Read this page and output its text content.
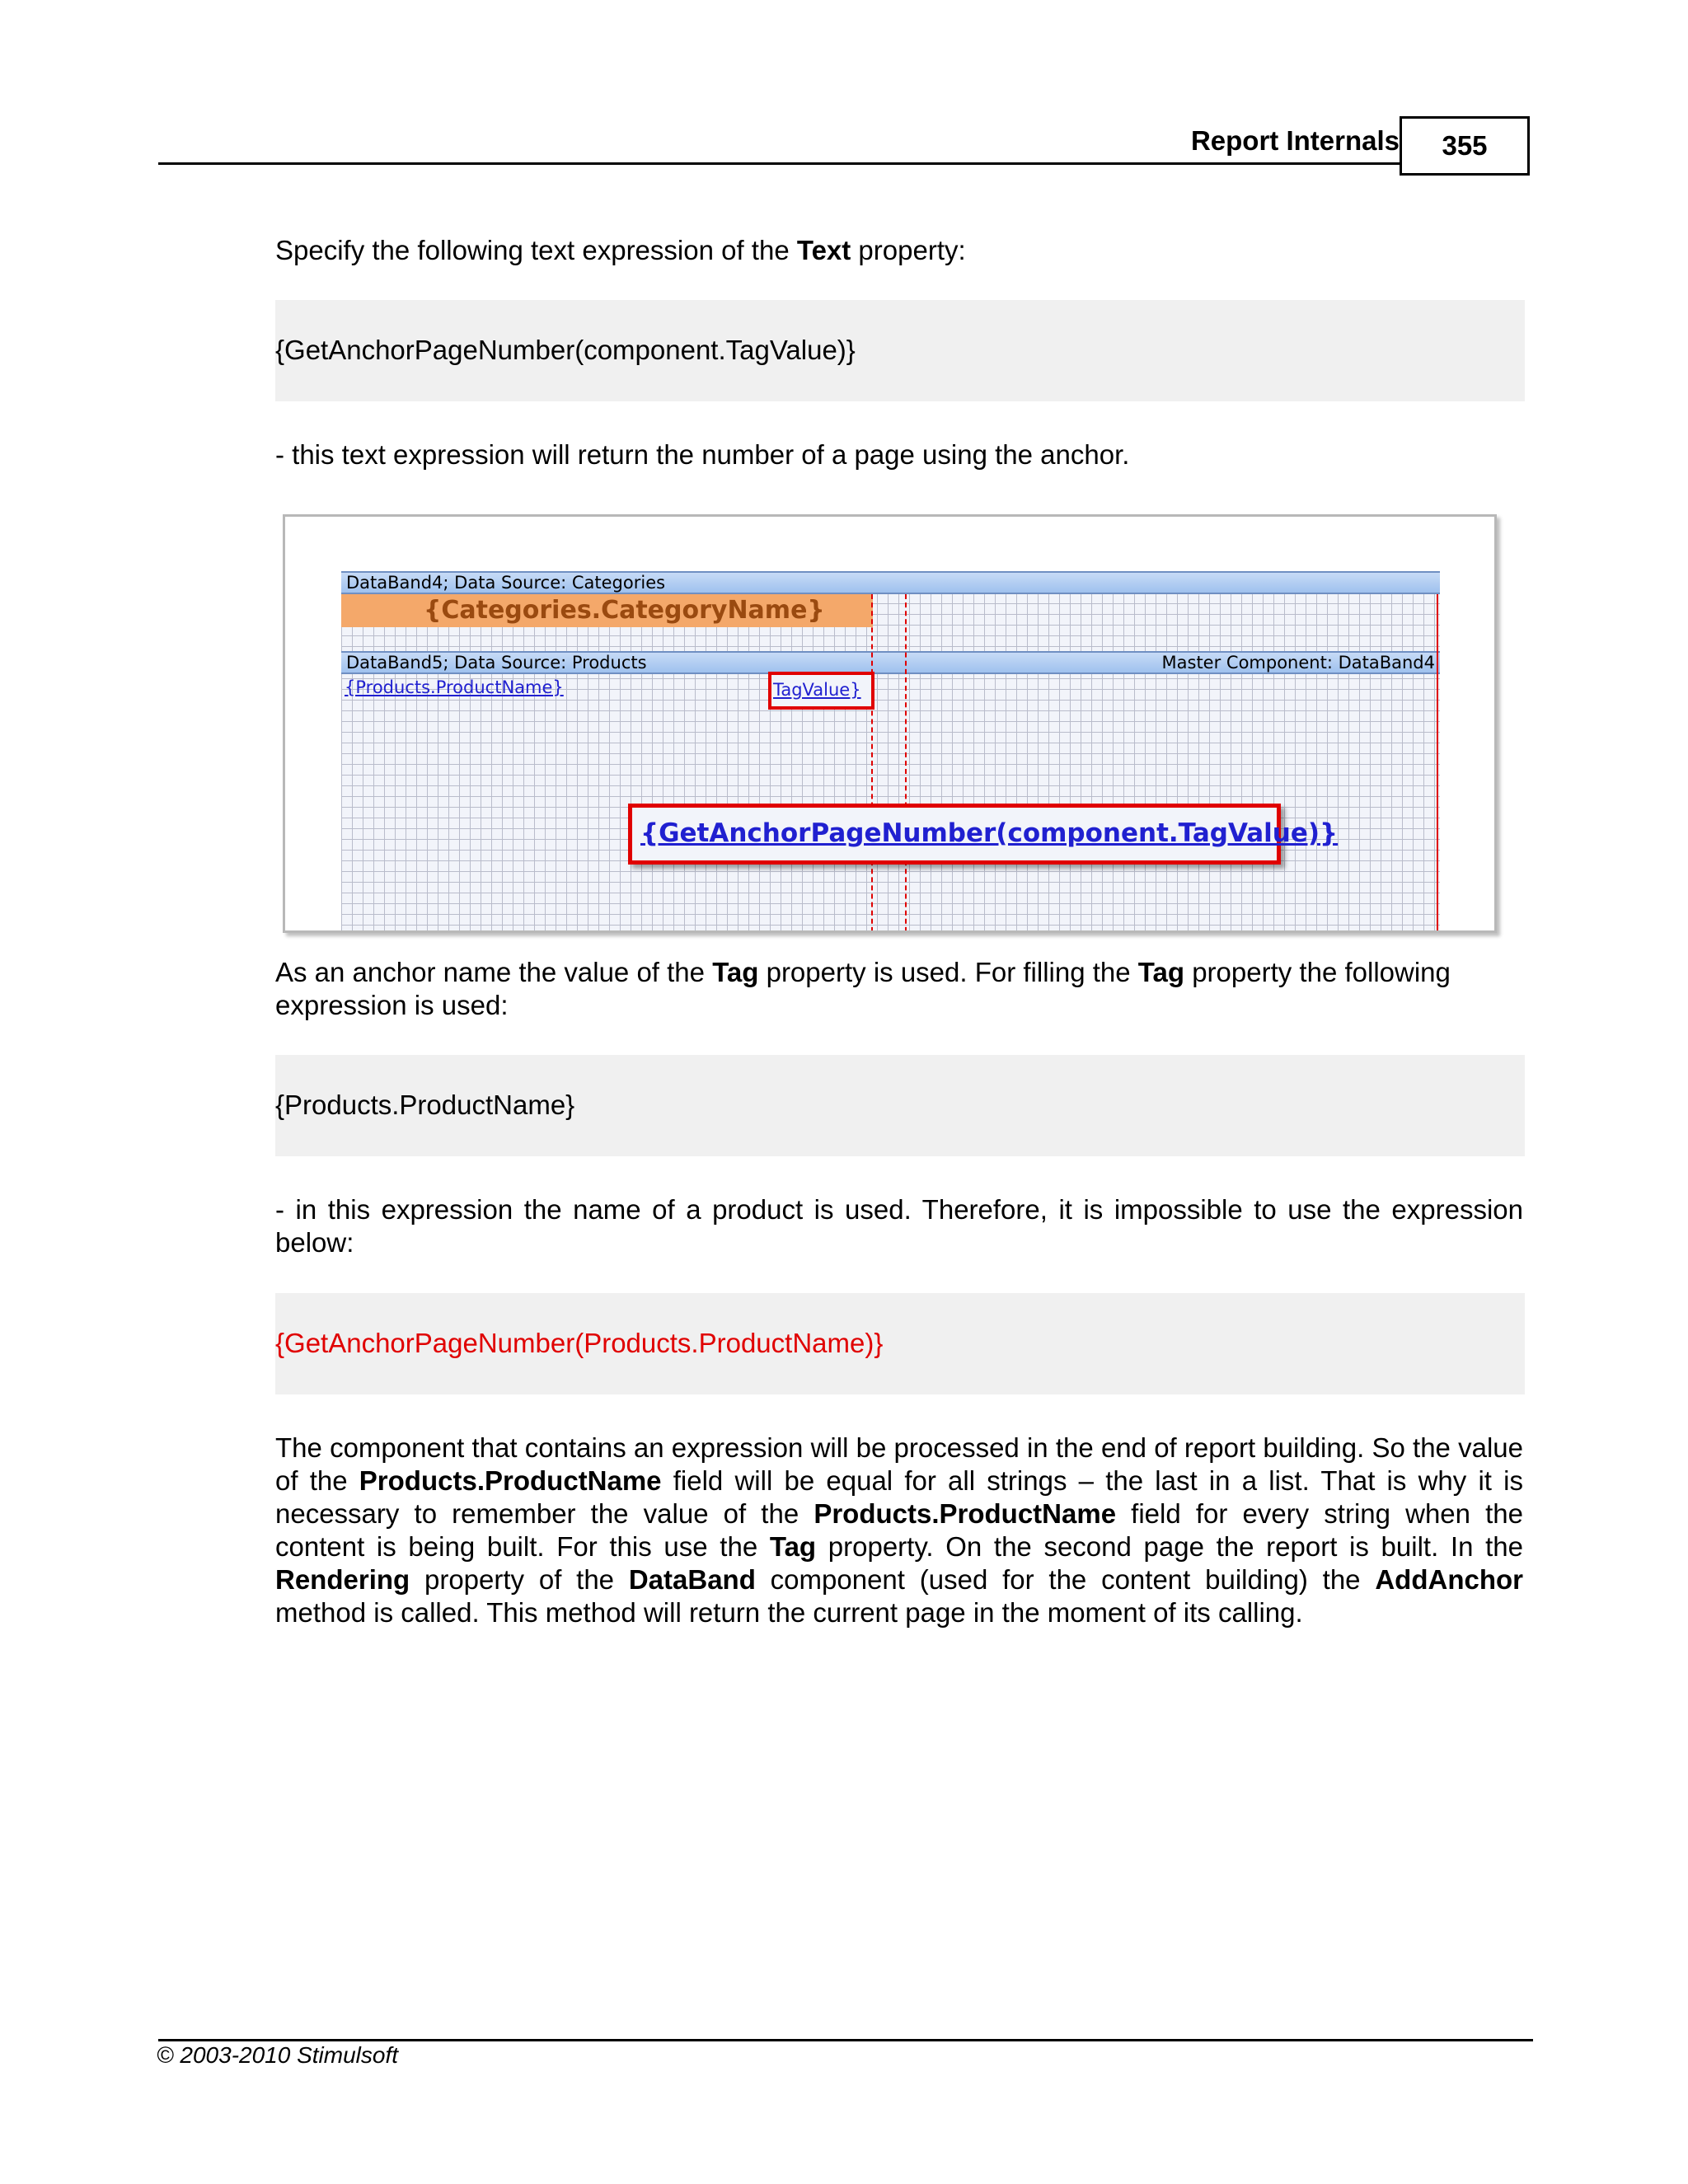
Report Internals	355
Specify the following text expression of the Text property:
{GetAnchorPageNumber(component.TagValue)}
- this text expression will return the number of a page using the anchor.
DataBand4; Data Source: Categories
{Categories.CategoryName}
DataBand5; Data Source: Products	Master Component: DataBand4
{Products.ProductName}	TagValue}
{GetAnchorPageNumber(component.TagValue)}
As an anchor name the value of the Tag property is used. For filling the Tag property the following expression is used:
{Products.ProductName}
- in this expression the name of a product is used. Therefore, it is impossible to use the expression below:
{GetAnchorPageNumber(Products.ProductName)}
The component that contains an expression will be processed in the end of report building. So the value of the Products.ProductName field will be equal for all strings – the last in a list. That is why it is necessary to remember the value of the Products.ProductName field for every string when the content is being built. For this use the Tag property. On the second page the report is built. In the Rendering property of the DataBand component (used for the content building) the AddAnchor method is called. This method will return the current page in the moment of its calling.
© 2003-2010 Stimulsoft
